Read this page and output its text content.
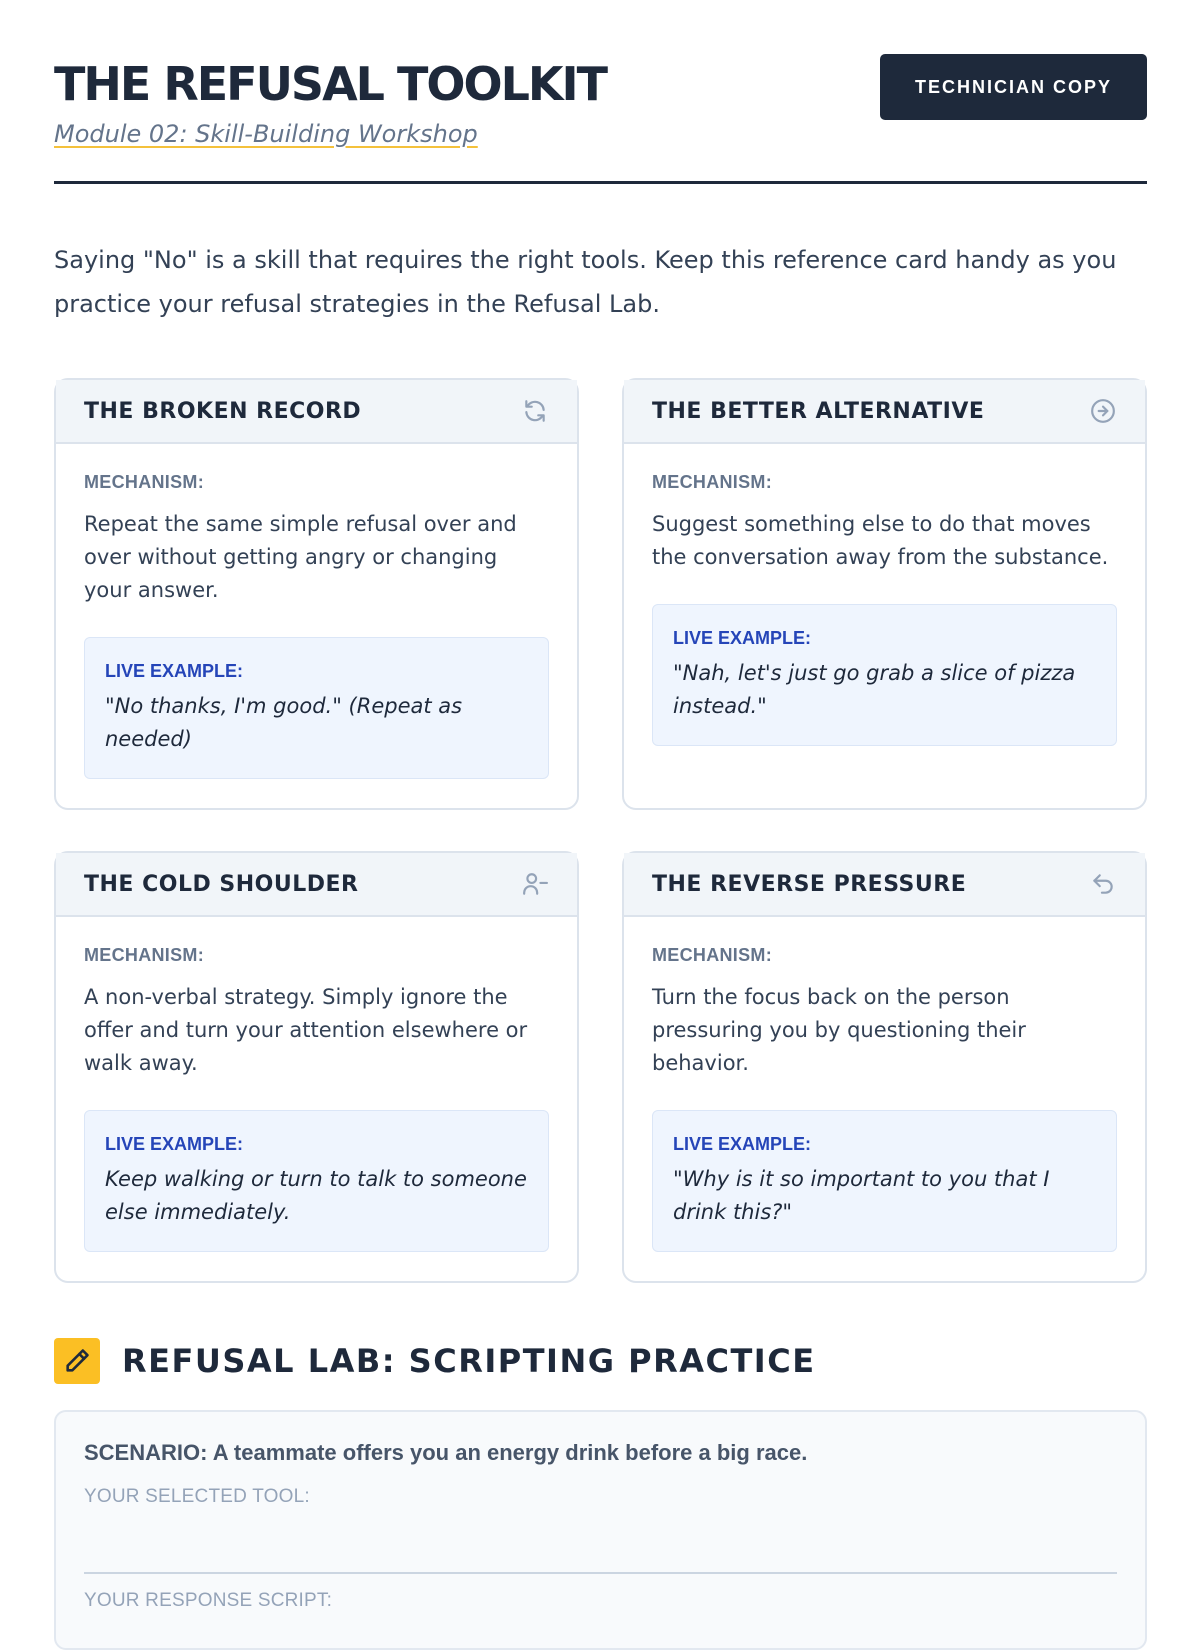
THE REFUSAL TOOLKIT
Module 02: Skill-Building Workshop
TECHNICIAN COPY

Saying "No" is a skill that requires the right tools. Keep this reference card handy as you practice your refusal strategies in the Refusal Lab.

THE BROKEN RECORD
MECHANISM:
Repeat the same simple refusal over and over without getting angry or changing your answer.
LIVE EXAMPLE:
"No thanks, I'm good." (Repeat as needed)
THE BETTER ALTERNATIVE
MECHANISM:
Suggest something else to do that moves the conversation away from the substance.
LIVE EXAMPLE:
"Nah, let's just go grab a slice of pizza instead."
THE COLD SHOULDER
MECHANISM:
A non-verbal strategy. Simply ignore the offer and turn your attention elsewhere or walk away.
LIVE EXAMPLE:
Keep walking or turn to talk to someone else immediately.
THE REVERSE PRESSURE
MECHANISM:
Turn the focus back on the person pressuring you by questioning their behavior.
LIVE EXAMPLE:
"Why is it so important to you that I drink this?"
REFUSAL LAB: SCRIPTING PRACTICE
SCENARIO: A teammate offers you an energy drink before a big race.
YOUR SELECTED TOOL:
YOUR RESPONSE SCRIPT:
